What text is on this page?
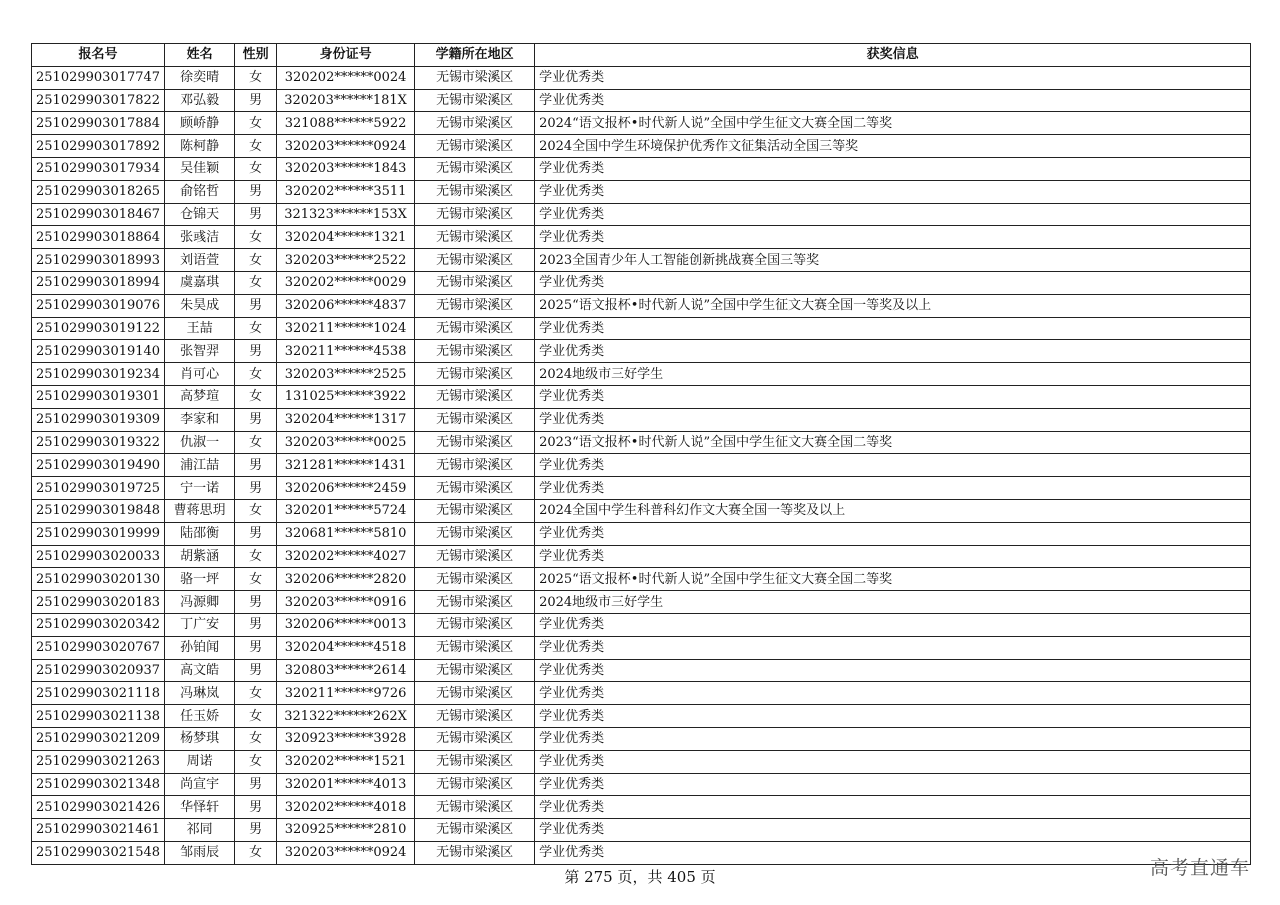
报名号	姓名	性别	身份证号	学籍所在地区	获奖信息
251029903017747	徐奕晴	女	320202******0024	无锡市梁溪区	学业优秀类
251029903017822	邓弘毅	男	320203******181X	无锡市梁溪区	学业优秀类
251029903017884	顾峤静	女	321088******5922	无锡市梁溪区	2024“语文报杯•时代新人说”全国中学生征文大赛全国二等奖
251029903017892	陈柯静	女	320203******0924	无锡市梁溪区	2024全国中学生环境保护优秀作文征集活动全国三等奖
251029903017934	吴佳颖	女	320203******1843	无锡市梁溪区	学业优秀类
251029903018265	俞铭哲	男	320202******3511	无锡市梁溪区	学业优秀类
251029903018467	仓锦天	男	321323******153X	无锡市梁溪区	学业优秀类
251029903018864	张彧洁	女	320204******1321	无锡市梁溪区	学业优秀类
251029903018993	刘语萱	女	320203******2522	无锡市梁溪区	2023全国青少年人工智能创新挑战赛全国三等奖
251029903018994	虞嘉琪	女	320202******0029	无锡市梁溪区	学业优秀类
251029903019076	朱昊成	男	320206******4837	无锡市梁溪区	2025“语文报杯•时代新人说”全国中学生征文大赛全国一等奖及以上
251029903019122	王喆	女	320211******1024	无锡市梁溪区	学业优秀类
251029903019140	张智羿	男	320211******4538	无锡市梁溪区	学业优秀类
251029903019234	肖可心	女	320203******2525	无锡市梁溪区	2024地级市三好学生
251029903019301	高梦瑄	女	131025******3922	无锡市梁溪区	学业优秀类
251029903019309	李家和	男	320204******1317	无锡市梁溪区	学业优秀类
251029903019322	仇淑一	女	320203******0025	无锡市梁溪区	2023“语文报杯•时代新人说”全国中学生征文大赛全国二等奖
251029903019490	浦江喆	男	321281******1431	无锡市梁溪区	学业优秀类
251029903019725	宁一诺	男	320206******2459	无锡市梁溪区	学业优秀类
251029903019848	曹蒋思玥	女	320201******5724	无锡市梁溪区	2024全国中学生科普科幻作文大赛全国一等奖及以上
251029903019999	陆邵衡	男	320681******5810	无锡市梁溪区	学业优秀类
251029903020033	胡紫涵	女	320202******4027	无锡市梁溪区	学业优秀类
251029903020130	骆一坪	女	320206******2820	无锡市梁溪区	2025“语文报杯•时代新人说”全国中学生征文大赛全国二等奖
251029903020183	冯源卿	男	320203******0916	无锡市梁溪区	2024地级市三好学生
251029903020342	丁广安	男	320206******0013	无锡市梁溪区	学业优秀类
251029903020767	孙铂闻	男	320204******4518	无锡市梁溪区	学业优秀类
251029903020937	高文皓	男	320803******2614	无锡市梁溪区	学业优秀类
251029903021118	冯琳岚	女	320211******9726	无锡市梁溪区	学业优秀类
251029903021138	任玉娇	女	321322******262X	无锡市梁溪区	学业优秀类
251029903021209	杨梦琪	女	320923******3928	无锡市梁溪区	学业优秀类
251029903021263	周诺	女	320202******1521	无锡市梁溪区	学业优秀类
251029903021348	尚宣宇	男	320201******4013	无锡市梁溪区	学业优秀类
251029903021426	华怿轩	男	320202******4018	无锡市梁溪区	学业优秀类
251029903021461	祁同	男	320925******2810	无锡市梁溪区	学业优秀类
251029903021548	邹雨辰	女	320203******0924	无锡市梁溪区	学业优秀类
第 275 页，共 405 页	高考直通车
